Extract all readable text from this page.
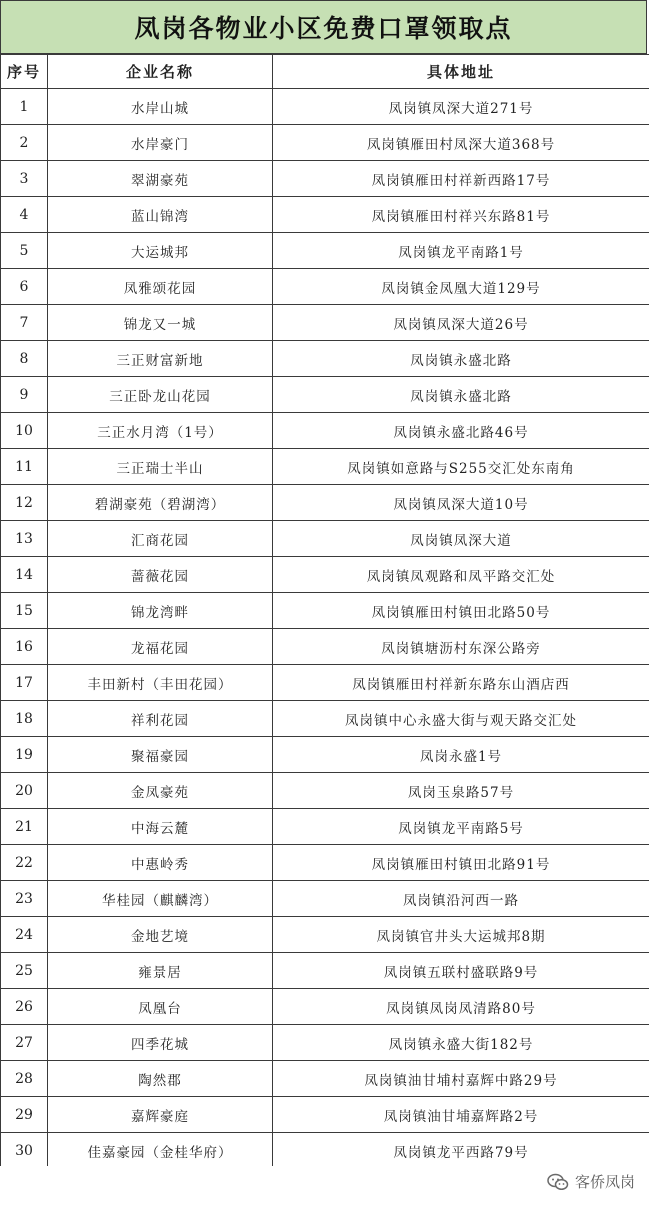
凤岗各物业小区免费口罩领取点
序号	企业名称	具体地址
1	水岸山城	凤岗镇凤深大道271号
2	水岸豪门	凤岗镇雁田村凤深大道368号
3	翠湖豪苑	凤岗镇雁田村祥新西路17号
4	蓝山锦湾	凤岗镇雁田村祥兴东路81号
5	大运城邦	凤岗镇龙平南路1号
6	凤雅颂花园	凤岗镇金凤凰大道129号
7	锦龙又一城	凤岗镇凤深大道26号
8	三正财富新地	凤岗镇永盛北路
9	三正卧龙山花园	凤岗镇永盛北路
10	三正水月湾（1号）	凤岗镇永盛北路46号
11	三正瑞士半山	凤岗镇如意路与S255交汇处东南角
12	碧湖豪苑（碧湖湾）	凤岗镇凤深大道10号
13	汇商花园	凤岗镇凤深大道
14	蔷薇花园	凤岗镇凤观路和凤平路交汇处
15	锦龙湾畔	凤岗镇雁田村镇田北路50号
16	龙福花园	凤岗镇塘沥村东深公路旁
17	丰田新村（丰田花园）	凤岗镇雁田村祥新东路东山酒店西
18	祥利花园	凤岗镇中心永盛大街与观天路交汇处
19	聚福豪园	凤岗永盛1号
20	金凤豪苑	凤岗玉泉路57号
21	中海云麓	凤岗镇龙平南路5号
22	中惠岭秀	凤岗镇雁田村镇田北路91号
23	华桂园（麒麟湾）	凤岗镇沿河西一路
24	金地艺境	凤岗镇官井头大运城邦8期
25	雍景居	凤岗镇五联村盛联路9号
26	凤凰台	凤岗镇凤岗凤清路80号
27	四季花城	凤岗镇永盛大街182号
28	陶然郡	凤岗镇油甘埔村嘉辉中路29号
29	嘉辉豪庭	凤岗镇油甘埔嘉辉路2号
30	佳嘉豪园（金桂华府）	凤岗镇龙平西路79号
客侨凤岗
